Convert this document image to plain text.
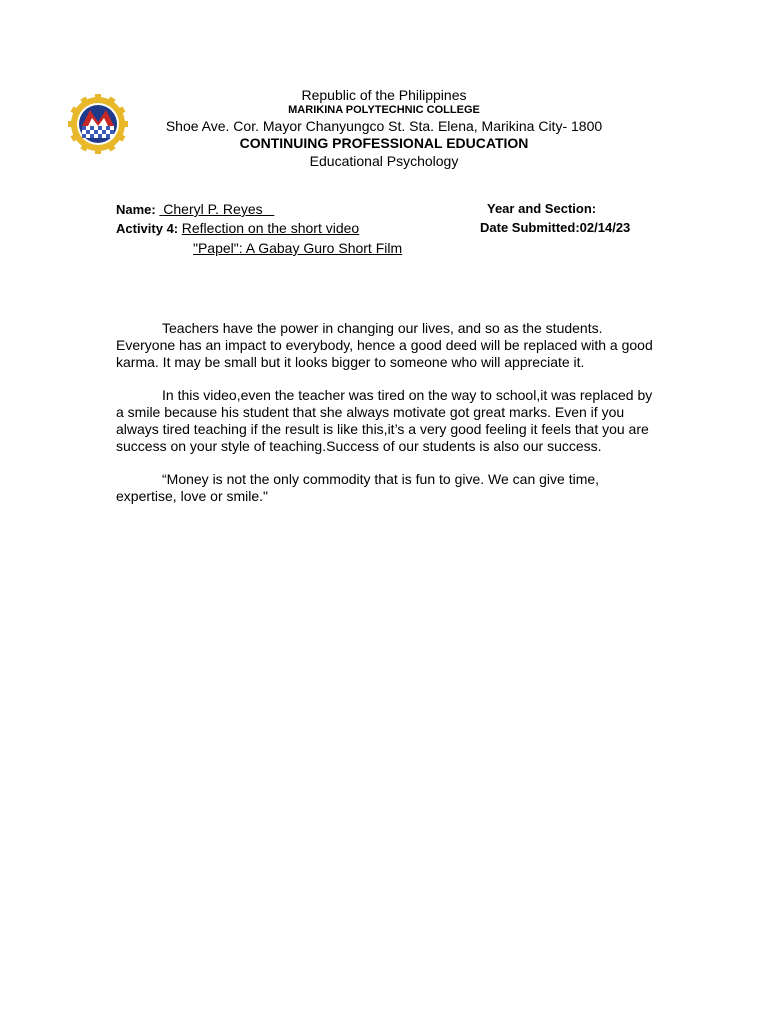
Republic of the Philippines
MARIKINA POLYTECHNIC COLLEGE
Shoe Ave. Cor. Mayor Chanyungco St. Sta. Elena, Marikina City- 1800
CONTINUING PROFESSIONAL EDUCATION
Educational Psychology
Name: Cheryl P. Reyes	Year and Section:
Activity 4: Reflection on the short video	Date Submitted:02/14/23
"Papel": A Gabay Guro Short Film

Teachers have the power in changing our lives, and so as the students. Everyone has an impact to everybody, hence a good deed will be replaced with a good karma. It may be small but it looks bigger to someone who will appreciate it.

In this video,even the teacher was tired on the way to school,it was replaced by a smile because his student that she always motivate got great marks. Even if you always tired teaching if the result is like this,it’s a very good feeling it feels that you are success on your style of teaching.Success of our students is also our success.

“Money is not the only commodity that is fun to give. We can give time, expertise, love or smile."
